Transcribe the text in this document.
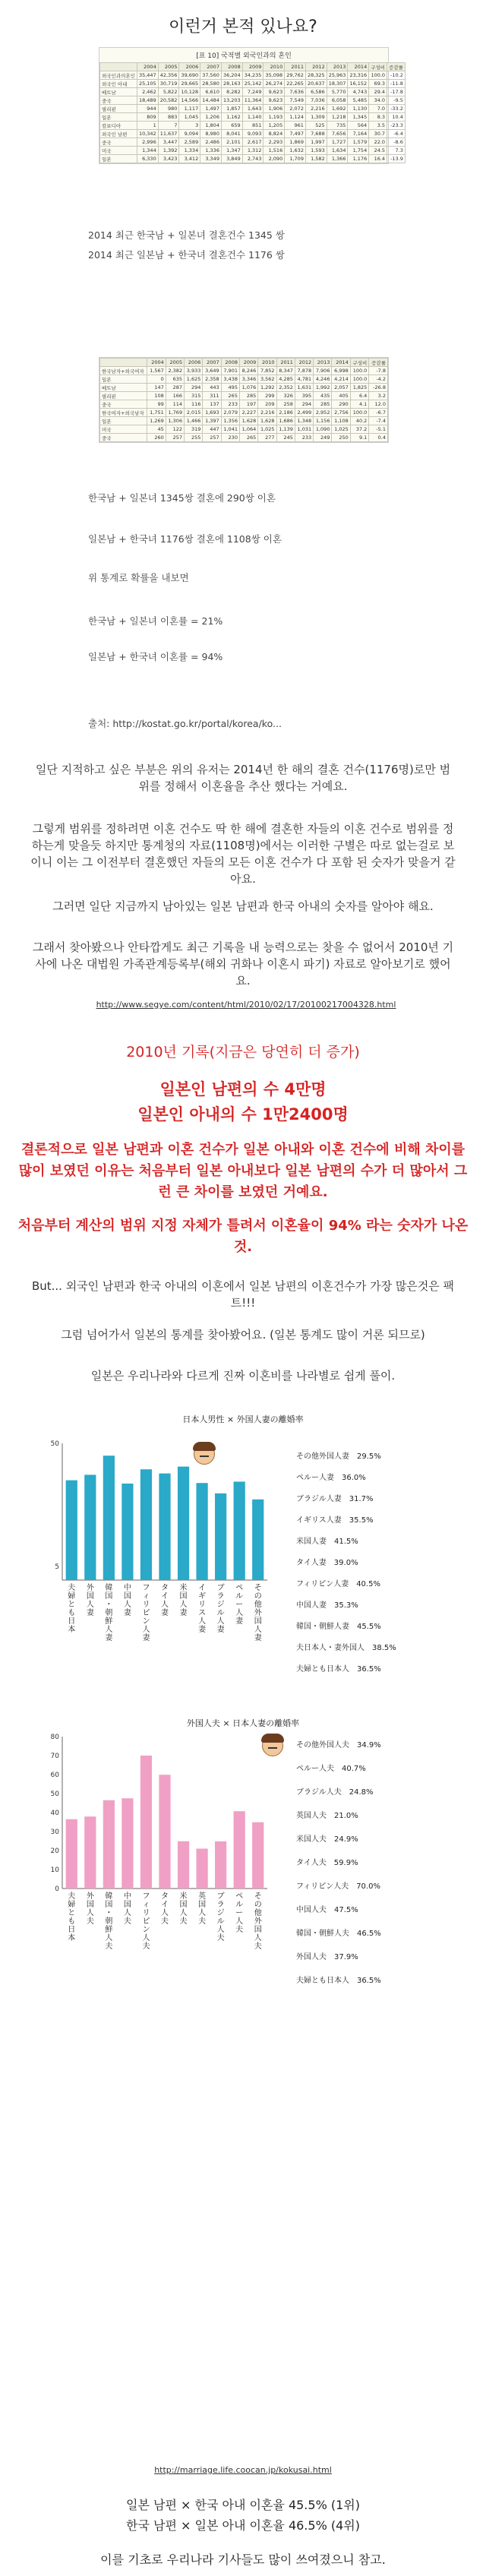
이런거 본적 있나요?
[표 10] 국적별 외국인과의 혼인
	2004	2005	2006	2007	2008	2009	2010	2011	2012	2013	2014	구성비	증감률
외국인과의혼인	35,447	42,356	39,690	37,560	36,204	34,235	35,098	29,762	28,325	25,963	23,316	100.0	-10.2
외국인 아내	25,105	30,719	29,665	28,580	28,163	25,142	26,274	22,265	20,637	18,307	16,152	69.3	-11.8
베트남	2,462	5,822	10,128	6,610	8,282	7,249	9,623	7,636	6,586	5,770	4,743	29.4	-17.8
중국	18,489	20,582	14,566	14,484	13,203	11,364	9,623	7,549	7,036	6,058	5,485	34.0	-9.5
필리핀	944	980	1,117	1,497	1,857	1,643	1,906	2,072	2,216	1,692	1,130	7.0	-33.2
일본	809	883	1,045	1,206	1,162	1,140	1,193	1,124	1,309	1,218	1,345	8.3	10.4
캄보디아	1	7	3	1,804	659	851	1,205	961	525	735	564	3.5	-23.3
외국인 남편	10,342	11,637	9,094	8,980	8,041	9,093	8,824	7,497	7,688	7,656	7,164	30.7	-6.4
중국	2,996	3,447	2,589	2,486	2,101	2,617	2,293	1,869	1,997	1,727	1,579	22.0	-8.6
미국	1,344	1,392	1,334	1,336	1,347	1,312	1,516	1,632	1,593	1,634	1,754	24.5	7.3
일본	6,330	3,423	3,412	3,349	3,849	2,743	2,090	1,709	1,582	1,366	1,176	16.4	-13.9
2014 최근 한국남 + 일본녀 결혼건수 1345 쌍
2014 최근 일본남 + 한국녀 결혼건수 1176 쌍
	2004	2005	2006	2007	2008	2009	2010	2011	2012	2013	2014	구성비	증감률
한국남자+외국여자	1,567	2,382	3,933	3,649	7,901	8,246	7,852	8,347	7,878	7,906	6,998	100.0	-7.8
일본	0	635	1,625	2,358	3,438	3,346	3,562	4,285	4,781	4,246	4,214	100.0	-4.2
베트남	147	287	294	443	495	1,076	1,292	2,352	1,631	1,992	2,057	1,825	-26.8
필리핀	108	166	315	311	265	285	299	326	395	435	405	6.4	3.2
중국	99	114	116	137	233	197	209	258	294	285	290	4.1	12.0
한국여자+외국남자	1,751	1,769	2,015	1,693	2,079	2,227	2,216	2,186	2,499	2,952	2,756	100.0	-6.7
일본	1,269	1,306	1,466	1,397	1,356	1,628	1,628	1,686	1,348	1,156	1,108	40.2	-7.4
미국	45	122	319	447	1,041	1,064	1,025	1,139	1,031	1,090	1,025	37.2	-5.1
중국	260	257	255	257	230	265	277	245	233	249	250	9.1	0.4
한국남 + 일본녀 1345쌍 결혼에 290쌍 이혼
일본남 + 한국녀 1176쌍 결혼에 1108쌍 이혼
위 통계로 확률을 내보면
한국남 + 일본녀 이혼률 = 21%
일본남 + 한국녀 이혼률 = 94%
출처: http://kostat.go.kr/portal/korea/ko...
일단 지적하고 싶은 부분은 위의 유저는 2014년 한 해의 결혼 건수(1176명)로만 범위를 정해서 이혼율을 추산 했다는 거예요.
그렇게 범위를 정하려면 이혼 건수도 딱 한 해에 결혼한 자들의 이혼 건수로 범위를 정하는게 맞을듯 하지만 통계청의 자료(1108명)에서는 이러한 구별은 따로 없는걸로 보이니 이는 그 이전부터 결혼했던 자들의 모든 이혼 건수가 다 포함 된 숫자가 맞을거 같아요.
그러면 일단 지금까지 남아있는 일본 남편과 한국 아내의 숫자를 알아야 해요.
그래서 찾아봤으나 안타깝게도 최근 기록을 내 능력으로는 찾을 수 없어서 2010년 기사에 나온 대법원 가족관계등록부(해외 귀화나 이혼시 파기) 자료로 알아보기로 했어요.
http://www.segye.com/content/html/2010/02/17/20100217004328.html
2010년 기록(지금은 당연히 더 증가)
일본인 남편의 수 4만명
일본인 아내의 수 1만2400명
결론적으로 일본 남편과 이혼 건수가 일본 아내와 이혼 건수에 비해 차이를 많이 보였던 이유는 처음부터 일본 아내보다 일본 남편의 수가 더 많아서 그런 큰 차이를 보였던 거예요.
처음부터 계산의 범위 지정 자체가 틀려서 이혼율이 94% 라는 숫자가 나온 것.
But... 외국인 남편과 한국 아내의 이혼에서 일본 남편의 이혼건수가 가장 많은것은 팩트!!!
그럼 넘어가서 일본의 통계를 찾아봤어요. (일본 통계도 많이 거론 되므로)
일본은 우리나라와 다르게 진짜 이혼비를 나라별로 쉽게 풀이.
日本人男性 × 外国人妻の離婚率
5
50
夫
婦
と
も
日
本
外
国
人
妻
韓
国
・
朝
鮮
人
妻
中
国
人
妻
フ
ィ
リ
ピ
ン
人
妻
タ
イ
人
妻
米
国
人
妻
イ
ギ
リ
ス
人
妻
ブ
ラ
ジ
ル
人
妻
ペ
ル
ー
人
妻
そ
の
他
外
国
人
妻
その他外国人妻　29.5%
ペルー人妻　36.0%
ブラジル人妻　31.7%
イギリス人妻　35.5%
米国人妻　41.5%
タイ人妻　39.0%
フィリピン人妻　40.5%
中国人妻　35.3%
韓国・朝鮮人妻　45.5%
夫日本人・妻外国人　38.5%
夫婦とも日本人　36.5%
外国人夫 × 日本人妻の離婚率
0
10
20
30
40
50
60
70
80
夫
婦
と
も
日
本
外
国
人
夫
韓
国
・
朝
鮮
人
夫
中
国
人
夫
フ
ィ
リ
ピ
ン
人
夫
タ
イ
人
夫
米
国
人
夫
英
国
人
夫
ブ
ラ
ジ
ル
人
夫
ペ
ル
ー
人
夫
そ
の
他
外
国
人
夫
その他外国人夫　34.9%
ペルー人夫　40.7%
ブラジル人夫　24.8%
英国人夫　21.0%
米国人夫　24.9%
タイ人夫　59.9%
フィリピン人夫　70.0%
中国人夫　47.5%
韓国・朝鮮人夫　46.5%
外国人夫　37.9%
夫婦とも日本人　36.5%
http://marriage.life.coocan.jp/kokusai.html
일본 남편 × 한국 아내 이혼율 45.5% (1위)
한국 남편 × 일본 아내 이혼율 46.5% (4위)
이를 기초로 우리나라 기사들도 많이 쓰여졌으니 참고.
